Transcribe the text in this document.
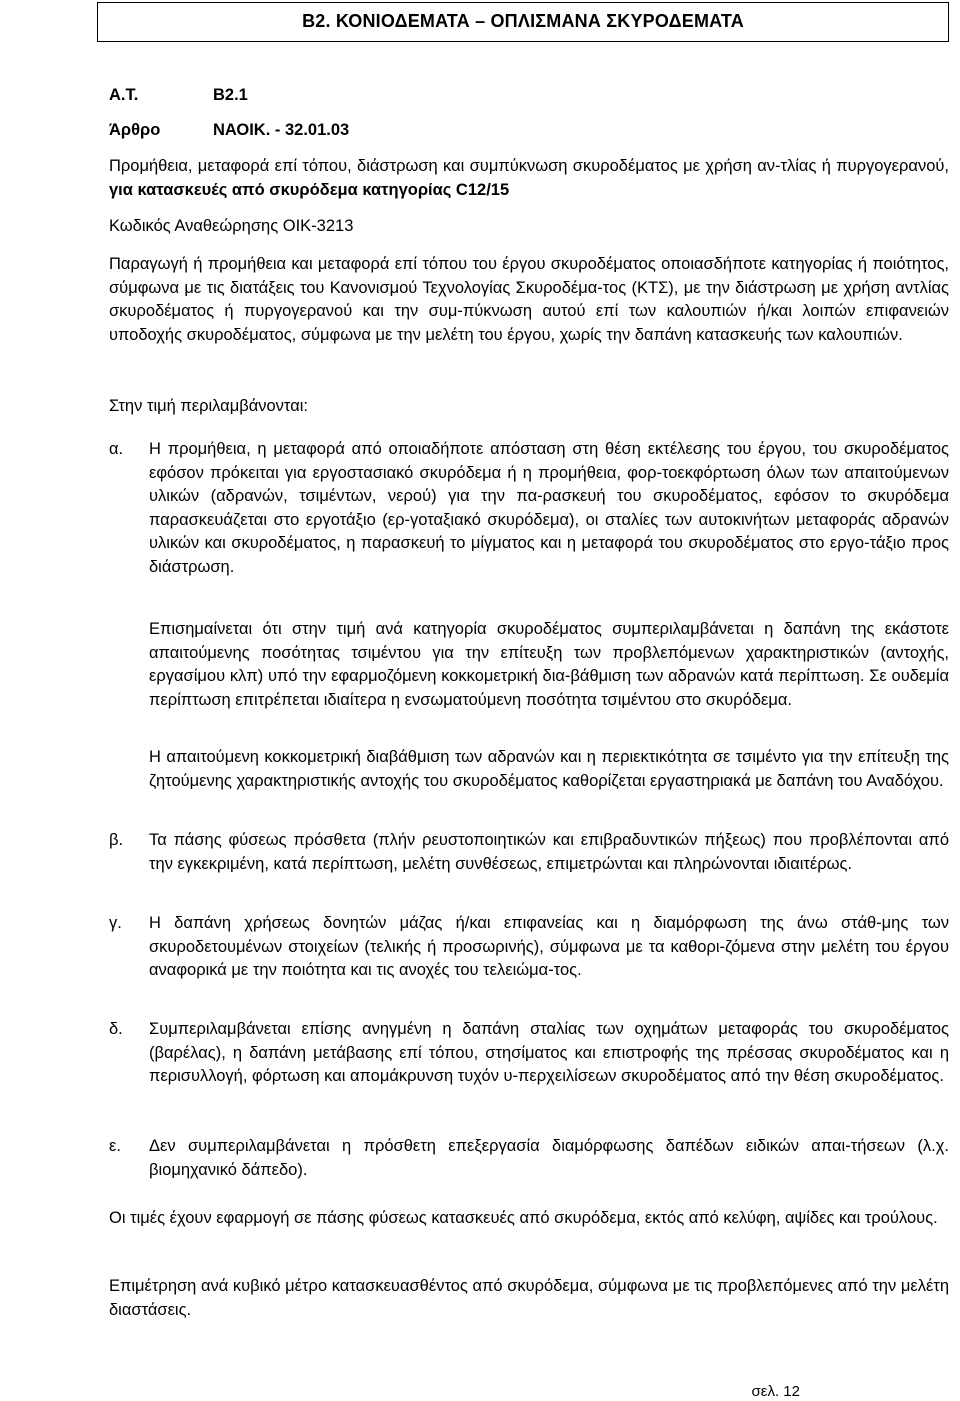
Β2. ΚΟΝΙΟΔΕΜΑΤΑ – ΟΠΛΙΣΜΑΝΑ ΣΚΥΡΟΔΕΜΑΤΑ
Α.Τ.	Β2.1
Άρθρο	ΝΑΟΙΚ. - 32.01.03
Προμήθεια, μεταφορά επί τόπου, διάστρωση και συμπύκνωση σκυροδέματος με χρήση αν-τλίας ή πυργογερανού, για κατασκευές από σκυρόδεμα κατηγορίας C12/15
Κωδικός Αναθεώρησης ΟΙΚ-3213
Παραγωγή ή προμήθεια και μεταφορά επί τόπου του έργου σκυροδέματος οποιασδήποτε κατηγορίας ή ποιότητος, σύμφωνα με τις διατάξεις του Κανονισμού Τεχνολογίας Σκυροδέμα-τος (ΚΤΣ), με την διάστρωση με χρήση αντλίας σκυροδέματος ή πυργογερανού και την συμ-πύκνωση αυτού επί των καλουπιών ή/και λοιπών επιφανειών υποδοχής σκυροδέματος, σύμφωνα με την μελέτη του έργου, χωρίς την δαπάνη κατασκευής των καλουπιών.
Στην τιμή περιλαμβάνονται:
α. Η προμήθεια, η μεταφορά από οποιαδήποτε απόσταση στη θέση εκτέλεσης του έργου, του σκυροδέματος εφόσον πρόκειται για εργοστασιακό σκυρόδεμα ή η προμήθεια, φορ-τοεκφόρτωση όλων των απαιτούμενων υλικών (αδρανών, τσιμέντων, νερού) για την πα-ρασκευή του σκυροδέματος, εφόσον το σκυρόδεμα παρασκευάζεται στο εργοτάξιο (ερ-γοταξιακό σκυρόδεμα), οι σταλίες των αυτοκινήτων μεταφοράς αδρανών υλικών και σκυροδέματος, η παρασκευή το μίγματος και η μεταφορά του σκυροδέματος στο εργο-τάξιο προς διάστρωση.
Επισημαίνεται ότι στην τιμή ανά κατηγορία σκυροδέματος συμπεριλαμβάνεται η δαπάνη της εκάστοτε απαιτούμενης ποσότητας τσιμέντου για την επίτευξη των προβλεπόμενων χαρακτηριστικών (αντοχής, εργασίμου κλπ) υπό την εφαρμοζόμενη κοκκομετρική δια-βάθμιση των αδρανών κατά περίπτωση. Σε ουδεμία περίπτωση επιτρέπεται ιδιαίτερα η ενσωματούμενη ποσότητα τσιμέντου στο σκυρόδεμα.
Η απαιτούμενη κοκκομετρική διαβάθμιση των αδρανών και η περιεκτικότητα σε τσιμέντο για την επίτευξη της ζητούμενης χαρακτηριστικής αντοχής του σκυροδέματος καθορίζεται εργαστηριακά με δαπάνη του Αναδόχου.
β. Τα πάσης φύσεως πρόσθετα (πλήν ρευστοποιητικών και επιβραδυντικών πήξεως) που προβλέπονται από την εγκεκριμένη, κατά περίπτωση, μελέτη συνθέσεως, επιμετρώνται και πληρώνονται ιδιαιτέρως.
γ. Η δαπάνη χρήσεως δονητών μάζας ή/και επιφανείας και η διαμόρφωση της άνω στάθ-μης των σκυροδετουμένων στοιχείων (τελικής ή προσωρινής), σύμφωνα με τα καθορι-ζόμενα στην μελέτη του έργου αναφορικά με την ποιότητα και τις ανοχές του τελειώμα-τος.
δ. Συμπεριλαμβάνεται επίσης ανηγμένη η δαπάνη σταλίας των οχημάτων μεταφοράς του σκυροδέματος (βαρέλας), η δαπάνη μετάβασης επί τόπου, στησίματος και επιστροφής της πρέσσας σκυροδέματος και η περισυλλογή, φόρτωση και απομάκρυνση τυχόν υ-περχειλίσεων σκυροδέματος από την θέση σκυροδέματος.
ε. Δεν συμπεριλαμβάνεται η πρόσθετη επεξεργασία διαμόρφωσης δαπέδων ειδικών απαι-τήσεων (λ.χ. βιομηχανικό δάπεδο).
Οι τιμές έχουν εφαρμογή σε πάσης φύσεως κατασκευές από σκυρόδεμα, εκτός από κελύφη, αψίδες και τρούλους.
Επιμέτρηση ανά κυβικό μέτρο κατασκευασθέντος από σκυρόδεμα, σύμφωνα με τις προβλεπόμενες από την μελέτη διαστάσεις.
σελ. 12
